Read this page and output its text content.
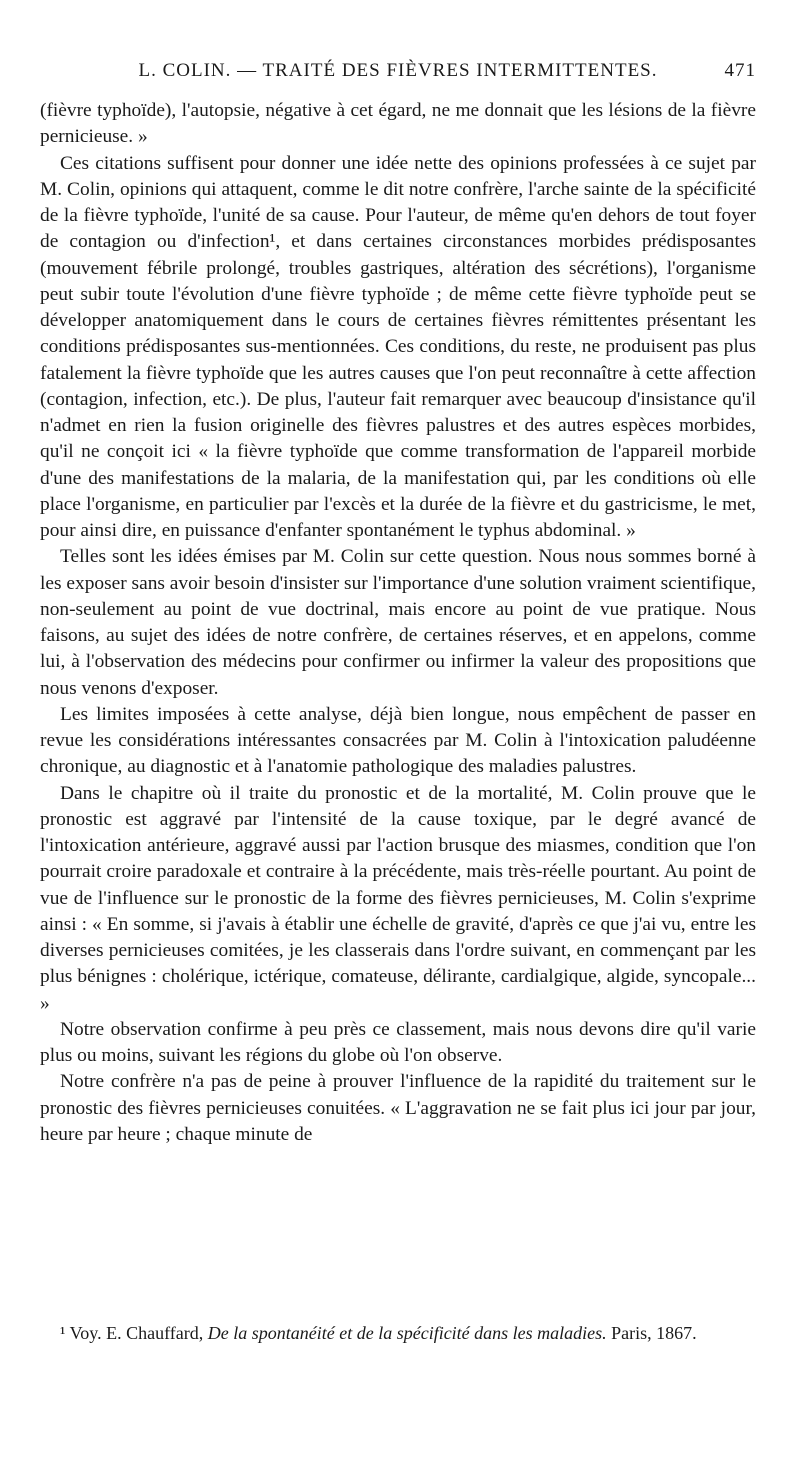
L. COLIN. — TRAITÉ DES FIÈVRES INTERMITTENTES.	471

(fièvre typhoïde), l'autopsie, négative à cet égard, ne me donnait que les lésions de la fièvre pernicieuse. »

Ces citations suffisent pour donner une idée nette des opinions professées à ce sujet par M. Colin, opinions qui attaquent, comme le dit notre confrère, l'arche sainte de la spécificité de la fièvre typhoïde, l'unité de sa cause. Pour l'auteur, de même qu'en dehors de tout foyer de contagion ou d'infection¹, et dans certaines circonstances morbides prédisposantes (mouvement fébrile prolongé, troubles gastriques, altération des sécrétions), l'organisme peut subir toute l'évolution d'une fièvre typhoïde ; de même cette fièvre typhoïde peut se développer anatomiquement dans le cours de certaines fièvres rémittentes présentant les conditions prédisposantes sus-mentionnées. Ces conditions, du reste, ne produisent pas plus fatalement la fièvre typhoïde que les autres causes que l'on peut reconnaître à cette affection (contagion, infection, etc.). De plus, l'auteur fait remarquer avec beaucoup d'insistance qu'il n'admet en rien la fusion originelle des fièvres palustres et des autres espèces morbides, qu'il ne conçoit ici « la fièvre typhoïde que comme transformation de l'appareil morbide d'une des manifestations de la malaria, de la manifestation qui, par les conditions où elle place l'organisme, en particulier par l'excès et la durée de la fièvre et du gastricisme, le met, pour ainsi dire, en puissance d'enfanter spontanément le typhus abdominal. »

Telles sont les idées émises par M. Colin sur cette question. Nous nous sommes borné à les exposer sans avoir besoin d'insister sur l'importance d'une solution vraiment scientifique, non-seulement au point de vue doctrinal, mais encore au point de vue pratique. Nous faisons, au sujet des idées de notre confrère, de certaines réserves, et en appelons, comme lui, à l'observation des médecins pour confirmer ou infirmer la valeur des propositions que nous venons d'exposer.

Les limites imposées à cette analyse, déjà bien longue, nous empêchent de passer en revue les considérations intéressantes consacrées par M. Colin à l'intoxication paludéenne chronique, au diagnostic et à l'anatomie pathologique des maladies palustres.

Dans le chapitre où il traite du pronostic et de la mortalité, M. Colin prouve que le pronostic est aggravé par l'intensité de la cause toxique, par le degré avancé de l'intoxication antérieure, aggravé aussi par l'action brusque des miasmes, condition que l'on pourrait croire paradoxale et contraire à la précédente, mais très-réelle pourtant. Au point de vue de l'influence sur le pronostic de la forme des fièvres pernicieuses, M. Colin s'exprime ainsi : « En somme, si j'avais à établir une échelle de gravité, d'après ce que j'ai vu, entre les diverses pernicieuses comitées, je les classerais dans l'ordre suivant, en commençant par les plus bénignes : cholérique, ictérique, comateuse, délirante, cardialgique, algide, syncopale... »

Notre observation confirme à peu près ce classement, mais nous devons dire qu'il varie plus ou moins, suivant les régions du globe où l'on observe.

Notre confrère n'a pas de peine à prouver l'influence de la rapidité du traitement sur le pronostic des fièvres pernicieuses conuitées. « L'aggravation ne se fait plus ici jour par jour, heure par heure ; chaque minute de

¹ Voy. E. Chauffard, De la spontanéité et de la spécificité dans les maladies. Paris, 1867.
